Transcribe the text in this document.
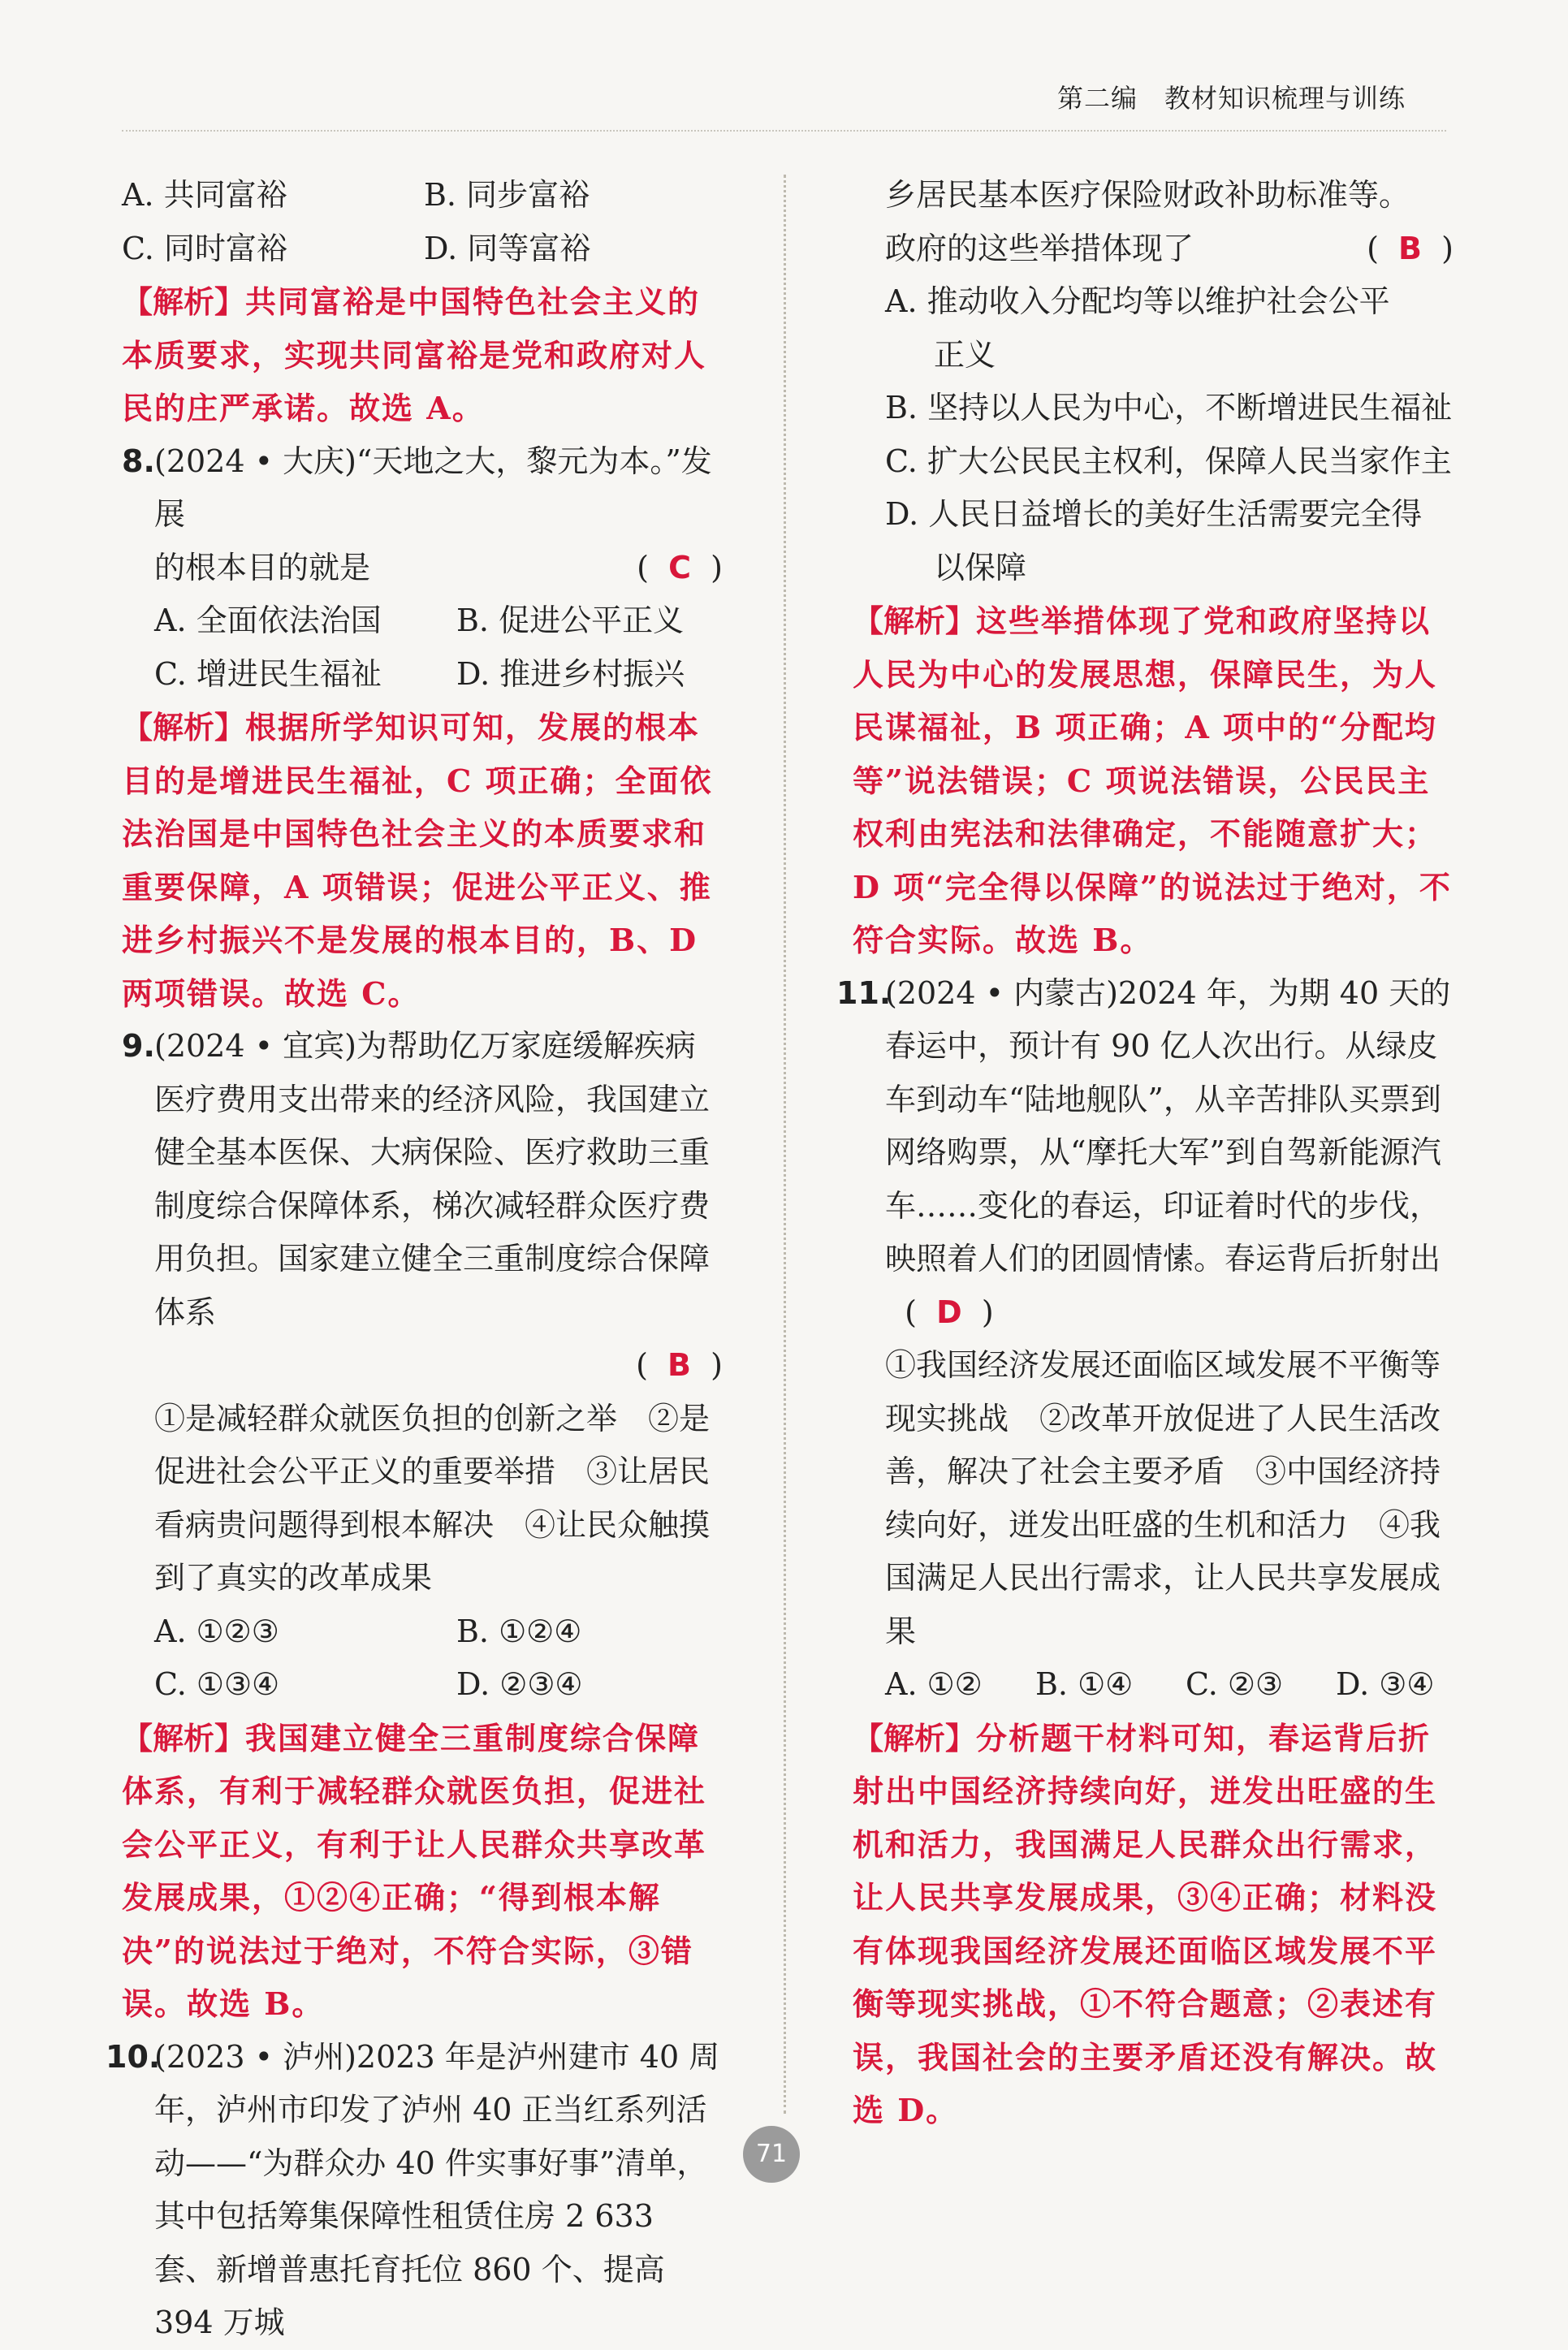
第二编　教材知识梳理与训练
A. 共同富裕	B. 同步富裕
C. 同时富裕	D. 同等富裕

【解析】共同富裕是中国特色社会主义的本质要求，实现共同富裕是党和政府对人民的庄严承诺。故选 A。

8. (2024 • 大庆)“天地之大，黎元为本。”发展
的根本目的就是	(  C  )
A. 全面依法治国	B. 促进公平正义
C. 增进民生福祉	D. 推进乡村振兴

【解析】根据所学知识可知，发展的根本目的是增进民生福祉，C 项正确；全面依法治国是中国特色社会主义的本质要求和重要保障，A 项错误；促进公平正义、推进乡村振兴不是发展的根本目的，B、D 两项错误。故选 C。

9. (2024 • 宜宾)为帮助亿万家庭缓解疾病医疗费用支出带来的经济风险，我国建立健全基本医保、大病保险、医疗救助三重制度综合保障体系，梯次减轻群众医疗费用负担。国家建立健全三重制度综合保障体系
(  B  )

①是减轻群众就医负担的创新之举　②是促进社会公平正义的重要举措　③让居民看病贵问题得到根本解决　④让民众触摸到了真实的改革成果

A. ①②③	B. ①②④
C. ①③④	D. ②③④

【解析】我国建立健全三重制度综合保障体系，有利于减轻群众就医负担，促进社会公平正义，有利于让人民群众共享改革发展成果，①②④正确；“得到根本解决”的说法过于绝对，不符合实际，③错误。故选 B。

10.
(2023 • 泸州)2023 年是泸州建市 40 周年，泸州市印发了泸州 40 正当红系列活动——“为群众办 40 件实事好事”清单，其中包括筹集保障性租赁住房 2 633 套、新增普惠托育托位 860 个、提高 394 万城

乡居民基本医疗保险财政补助标准等。

政府的这些举措体现了	(  B  )

A. 推动收入分配均等以维护社会公平

正义

B. 坚持以人民为中心，不断增进民生福祉

C. 扩大公民民主权利，保障人民当家作主

D. 人民日益增长的美好生活需要完全得

以保障

【解析】这些举措体现了党和政府坚持以人民为中心的发展思想，保障民生，为人民谋福祉，B 项正确；A 项中的“分配均等”说法错误；C 项说法错误，公民民主权利由宪法和法律确定，不能随意扩大；D 项“完全得以保障”的说法过于绝对，不符合实际。故选 B。

11.
(2024 • 内蒙古)2024 年，为期 40 天的春运中，预计有 90 亿人次出行。从绿皮车到动车“陆地舰队”，从辛苦排队买票到网络购票，从“摩托大军”到自驾新能源汽车……变化的春运，印证着时代的步伐，映照着人们的团圆情愫。春运背后折射出  (  D  )

①我国经济发展还面临区域发展不平衡等现实挑战　②改革开放促进了人民生活改善，解决了社会主要矛盾　③中国经济持续向好，迸发出旺盛的生机和活力　④我国满足人民出行需求，让人民共享发展成果

A. ①②	B. ①④	C. ②③	D. ③④

【解析】分析题干材料可知，春运背后折射出中国经济持续向好，迸发出旺盛的生机和活力，我国满足人民群众出行需求，让人民共享发展成果，③④正确；材料没有体现我国经济发展还面临区域发展不平衡等现实挑战，①不符合题意；②表述有误，我国社会的主要矛盾还没有解决。故选 D。

71
